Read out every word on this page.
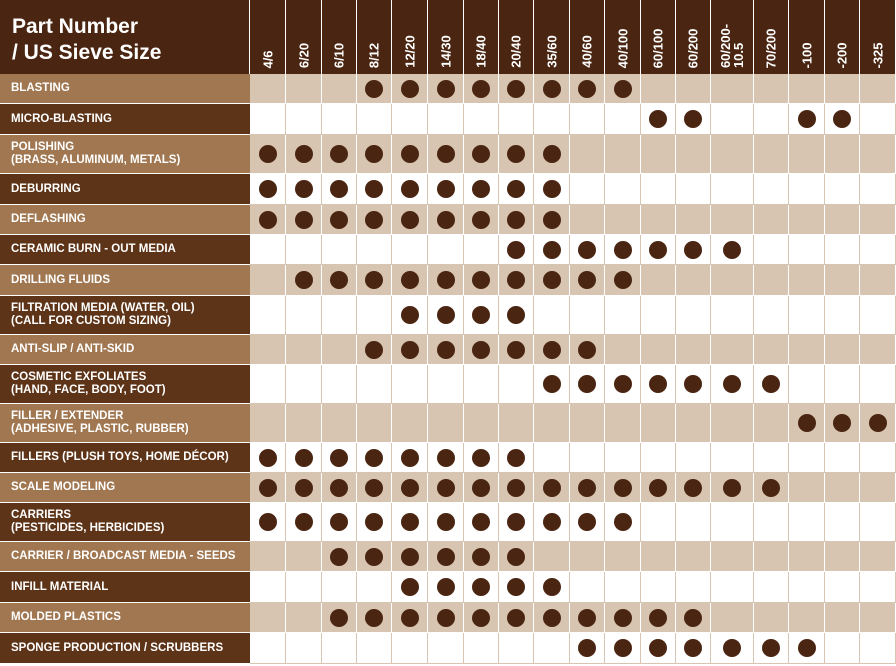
Part Number
/ US Sieve Size	4/6 6/20 6/10 8/12 12/20 14/30 18/40 20/40 35/60 40/60 40/100 60/100 60/200 60/200-
10.5 70/200 -100 -200 -325
BLASTING
MICRO-BLASTING
POLISHING
(BRASS, ALUMINUM, METALS)
DEBURRING
DEFLASHING
CERAMIC BURN - OUT MEDIA
DRILLING FLUIDS
FILTRATION MEDIA (WATER, OIL)
(CALL FOR CUSTOM SIZING)
ANTI-SLIP / ANTI-SKID
COSMETIC EXFOLIATES
(HAND, FACE, BODY, FOOT)
FILLER / EXTENDER
(ADHESIVE, PLASTIC, RUBBER)
FILLERS (PLUSH TOYS, HOME DÉCOR)
SCALE MODELING
CARRIERS
(PESTICIDES, HERBICIDES)
CARRIER / BROADCAST MEDIA - SEEDS
INFILL MATERIAL
MOLDED PLASTICS
SPONGE PRODUCTION / SCRUBBERS
